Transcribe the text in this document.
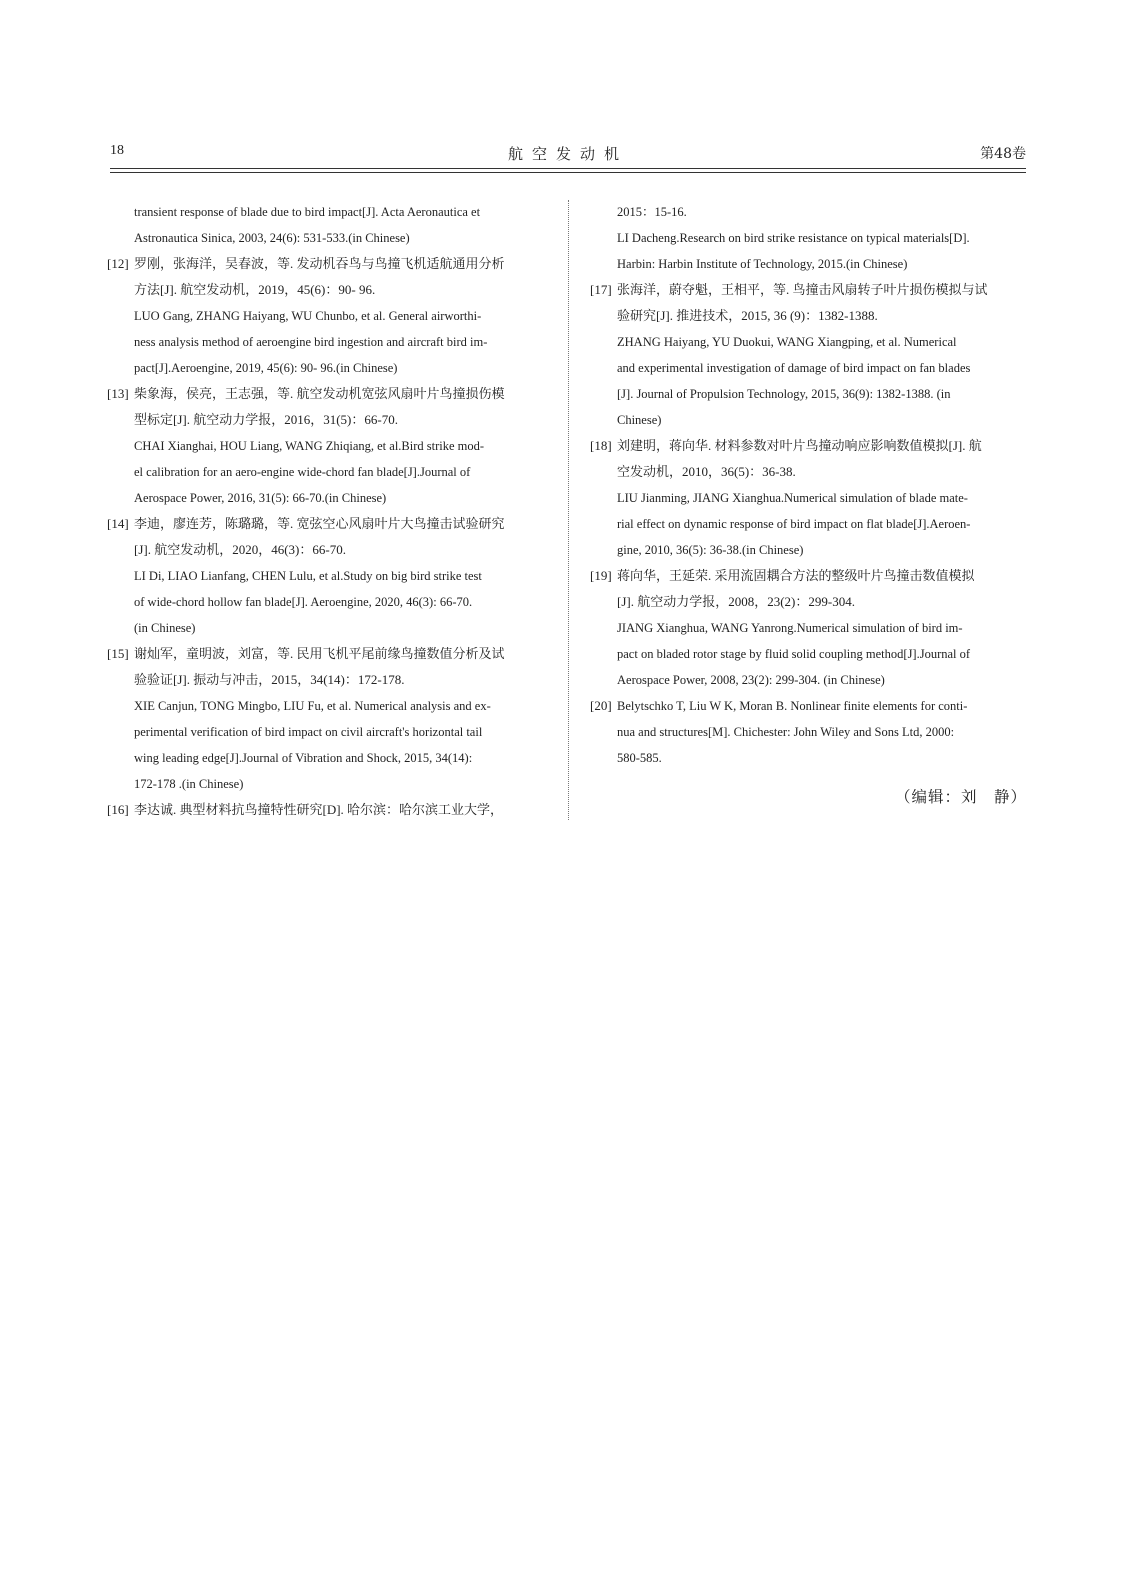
18	航空发动机	第48卷
transient response of blade due to bird impact[J]. Acta Aeronautica et
Astronautica Sinica, 2003, 24(6): 531-533.(in Chinese)
[12] 罗刚，张海洋，吴春波，等. 发动机吞鸟与鸟撞飞机适航通用分析
方法[J]. 航空发动机，2019，45(6)：90- 96.
LUO Gang, ZHANG Haiyang, WU Chunbo, et al. General airworthi-
ness analysis method of aeroengine bird ingestion and aircraft bird im-
pact[J].Aeroengine, 2019, 45(6): 90- 96.(in Chinese)
[13] 柴象海，侯亮，王志强，等. 航空发动机宽弦风扇叶片鸟撞损伤模
型标定[J]. 航空动力学报，2016，31(5)：66-70.
CHAI Xianghai, HOU Liang, WANG Zhiqiang, et al.Bird strike mod-
el calibration for an aero-engine wide-chord fan blade[J].Journal of
Aerospace Power, 2016, 31(5): 66-70.(in Chinese)
[14] 李迪，廖连芳，陈璐璐，等. 宽弦空心风扇叶片大鸟撞击试验研究
[J]. 航空发动机，2020，46(3)：66-70.
LI Di, LIAO Lianfang, CHEN Lulu, et al.Study on big bird strike test
of wide-chord hollow fan blade[J]. Aeroengine, 2020, 46(3): 66-70.
(in Chinese)
[15] 谢灿军，童明波，刘富，等. 民用飞机平尾前缘鸟撞数值分析及试
验验证[J]. 振动与冲击，2015，34(14)：172-178.
XIE Canjun, TONG Mingbo, LIU Fu, et al. Numerical analysis and ex-
perimental verification of bird impact on civil aircraft's horizontal tail
wing leading edge[J].Journal of Vibration and Shock, 2015, 34(14):
172-178 .(in Chinese)
[16] 李达诚. 典型材料抗鸟撞特性研究[D]. 哈尔滨：哈尔滨工业大学，
2015：15-16.
LI Dacheng.Research on bird strike resistance on typical materials[D].
Harbin: Harbin Institute of Technology, 2015.(in Chinese)
[17] 张海洋，蔚夺魁，王相平，等. 鸟撞击风扇转子叶片损伤模拟与试
验研究[J]. 推进技术，2015, 36 (9)：1382-1388.
ZHANG Haiyang, YU Duokui, WANG Xiangping, et al. Numerical
and experimental investigation of damage of bird impact on fan blades
[J]. Journal of Propulsion Technology, 2015, 36(9): 1382-1388. (in
Chinese)
[18] 刘建明，蒋向华. 材料参数对叶片鸟撞动响应影响数值模拟[J]. 航
空发动机，2010，36(5)：36-38.
LIU Jianming, JIANG Xianghua.Numerical simulation of blade mate-
rial effect on dynamic response of bird impact on flat blade[J].Aeroen-
gine, 2010, 36(5): 36-38.(in Chinese)
[19] 蒋向华，王延荣. 采用流固耦合方法的整级叶片鸟撞击数值模拟
[J]. 航空动力学报，2008，23(2)：299-304.
JIANG Xianghua, WANG Yanrong.Numerical simulation of bird im-
pact on bladed rotor stage by fluid solid coupling method[J].Journal of
Aerospace Power, 2008, 23(2): 299-304. (in Chinese)
[20] Belytschko T, Liu W K, Moran B. Nonlinear finite elements for conti-
nua and structures[M]. Chichester: John Wiley and Sons Ltd, 2000:
580-585.
（编辑：刘　静）
